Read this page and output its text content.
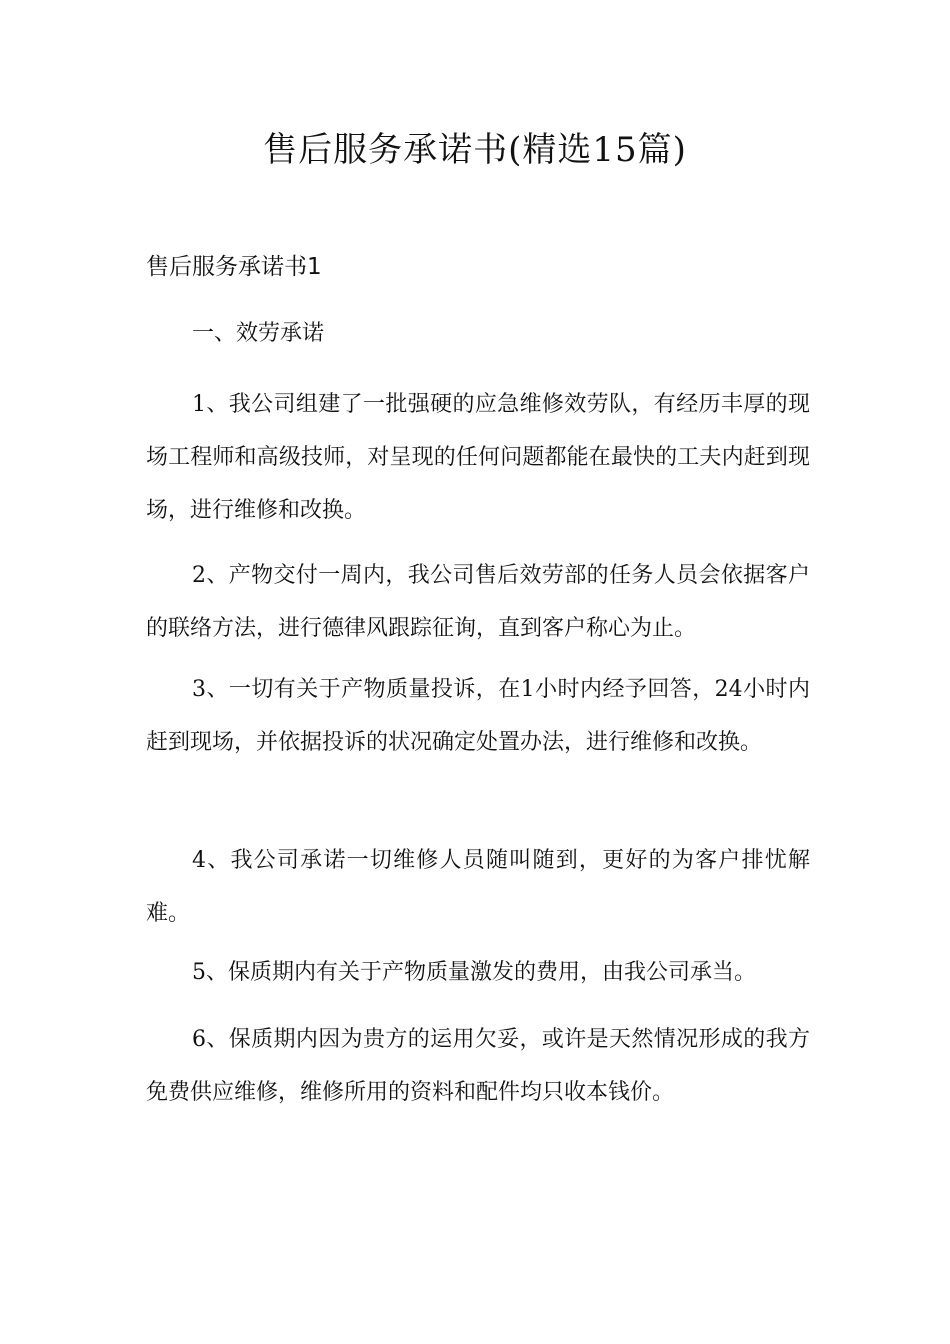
售后服务承诺书(精选15篇)
售后服务承诺书1
一、效劳承诺
1、我公司组建了一批强硬的应急维修效劳队，有经历丰厚的现场工程师和高级技师，对呈现的任何问题都能在最快的工夫内赶到现场，进行维修和改换。
2、产物交付一周内，我公司售后效劳部的任务人员会依据客户的联络方法，进行德律风跟踪征询，直到客户称心为止。
3、一切有关于产物质量投诉，在1小时内经予回答，24小时内赶到现场，并依据投诉的状况确定处置办法，进行维修和改换。
4、我公司承诺一切维修人员随叫随到，更好的为客户排忧解难。
5、保质期内有关于产物质量激发的费用，由我公司承当。
6、保质期内因为贵方的运用欠妥，或许是天然情况形成的我方免费供应维修，维修所用的资料和配件均只收本钱价。
